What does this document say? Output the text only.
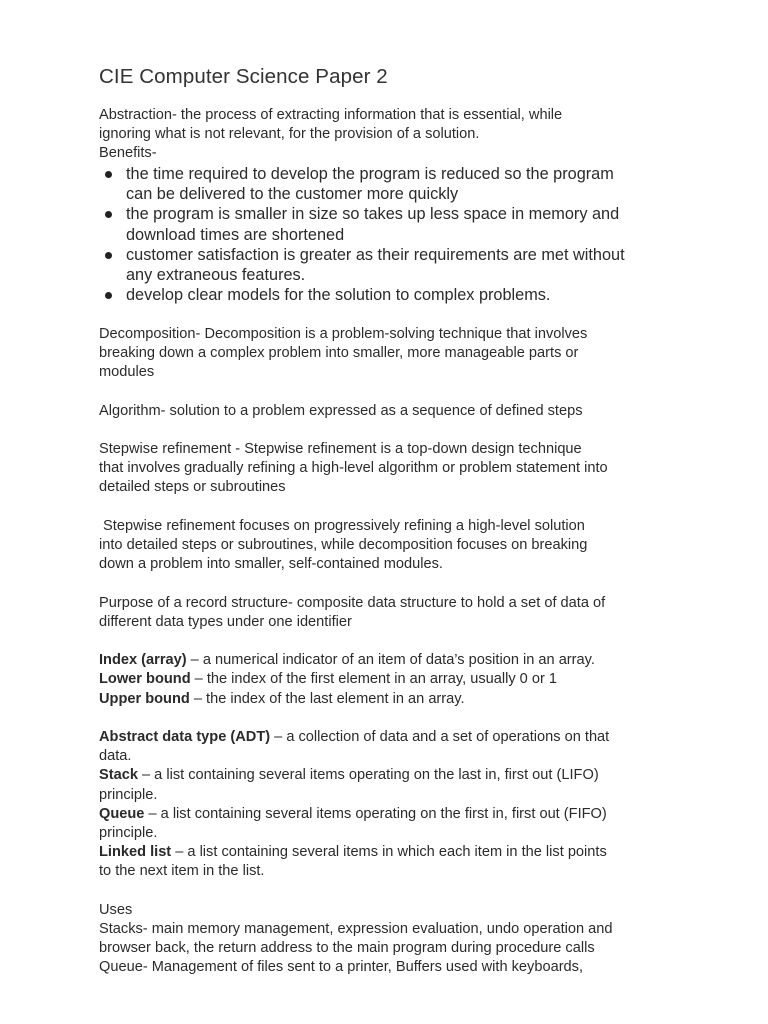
CIE Computer Science Paper 2

Abstraction- the process of extracting information that is essential, while

ignoring what is not relevant, for the provision of a solution.

Benefits-

the time required to develop the program is reduced so the program
can be delivered to the customer more quickly
the program is smaller in size so takes up less space in memory and
download times are shortened
customer satisfaction is greater as their requirements are met without
any extraneous features.
develop clear models for the solution to complex problems.

Decomposition- Decomposition is a problem-solving technique that involves

breaking down a complex problem into smaller, more manageable parts or

modules

Algorithm- solution to a problem expressed as a sequence of defined steps

Stepwise refinement - Stepwise refinement is a top-down design technique

that involves gradually refining a high-level algorithm or problem statement into

detailed steps or subroutines

Stepwise refinement focuses on progressively refining a high-level solution

into detailed steps or subroutines, while decomposition focuses on breaking

down a problem into smaller, self-contained modules.

Purpose of a record structure- composite data structure to hold a set of data of

different data types under one identifier

Index (array) – a numerical indicator of an item of data’s position in an array.

Lower bound – the index of the first element in an array, usually 0 or 1

Upper bound – the index of the last element in an array.

Abstract data type (ADT) – a collection of data and a set of operations on that

data.

Stack – a list containing several items operating on the last in, first out (LIFO)

principle.

Queue – a list containing several items operating on the first in, first out (FIFO)

principle.

Linked list – a list containing several items in which each item in the list points

to the next item in the list.

Uses

Stacks- main memory management, expression evaluation, undo operation and

browser back, the return address to the main program during procedure calls

Queue- Management of files sent to a printer, Buffers used with keyboards,
